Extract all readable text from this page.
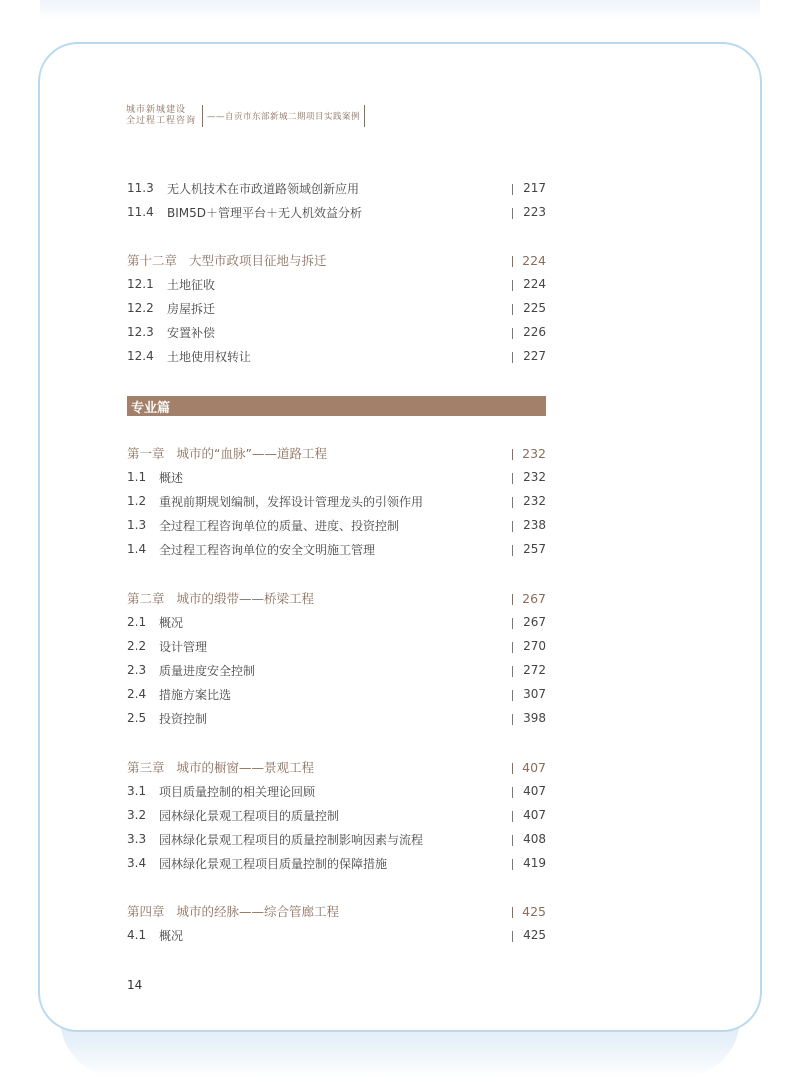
城市新城建设
全过程工程咨询 ——自贡市东部新城二期项目实践案例
11.3	无人机技术在市政道路领域创新应用	217
11.4	BIM5D＋管理平台＋无人机效益分析	223
第十二章 大型市政项目征地与拆迁	224
12.1	土地征收	224
12.2	房屋拆迁	225
12.3	安置补偿	226
12.4	土地使用权转让	227
第一章 城市的“血脉”——道路工程	232
1.1	概述	232
1.2	重视前期规划编制，发挥设计管理龙头的引领作用	232
1.3	全过程工程咨询单位的质量、进度、投资控制	238
1.4	全过程工程咨询单位的安全文明施工管理	257
第二章 城市的缎带——桥梁工程	267
2.1	概况	267
2.2	设计管理	270
2.3	质量进度安全控制	272
2.4	措施方案比选	307
2.5	投资控制	398
第三章 城市的橱窗——景观工程	407
3.1	项目质量控制的相关理论回顾	407
3.2	园林绿化景观工程项目的质量控制	407
3.3	园林绿化景观工程项目的质量控制影响因素与流程	408
3.4	园林绿化景观工程项目质量控制的保障措施	419
第四章 城市的经脉——综合管廊工程	425
4.1	概况	425
专业篇
14
